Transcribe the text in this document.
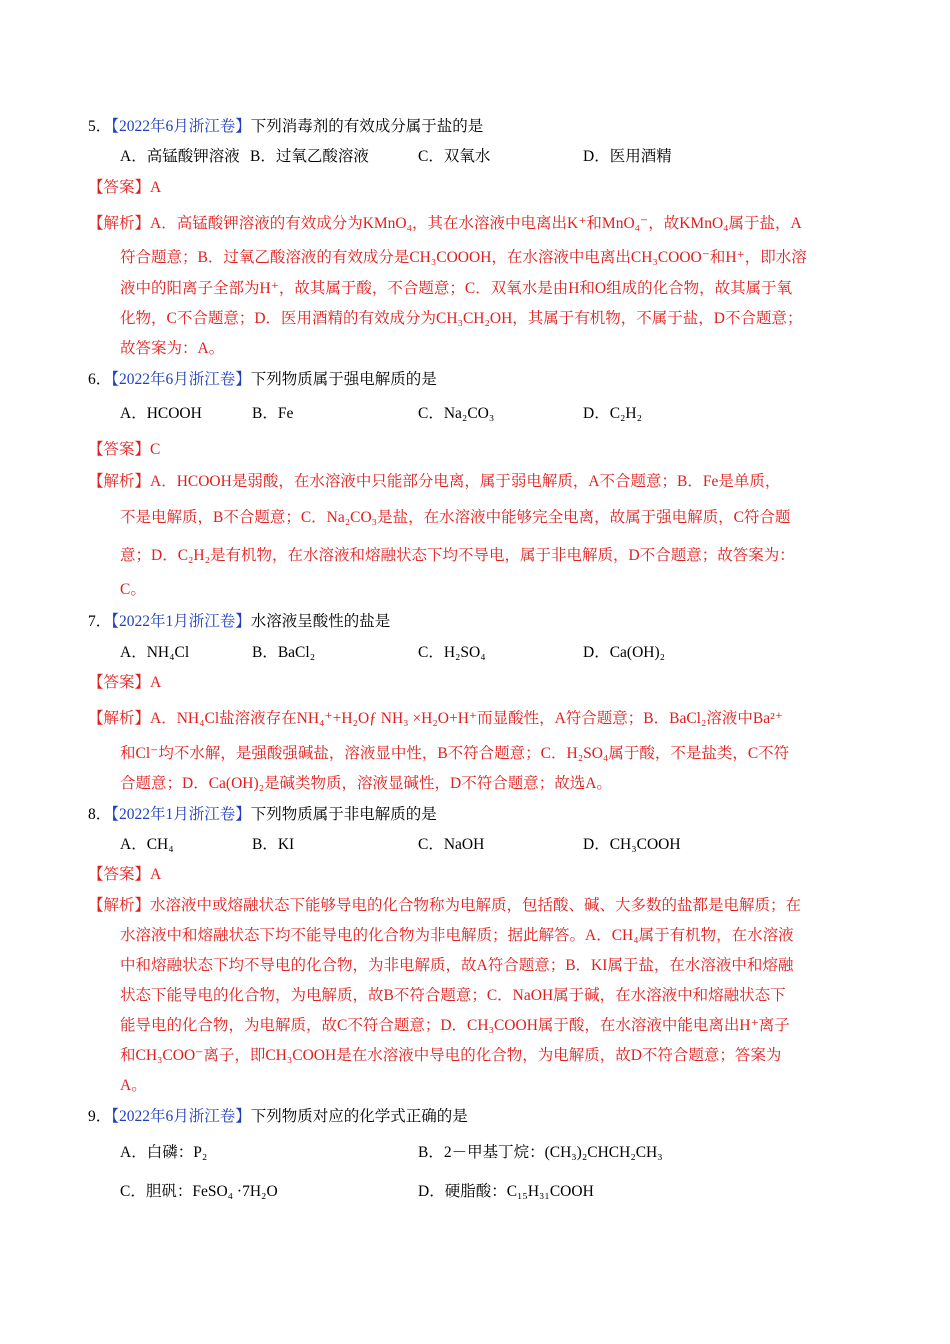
5．【2022年6月浙江卷】下列消毒剂的有效成分属于盐的是
A．高锰酸钾溶液 B．过氧乙酸溶液	C．双氧水	D．医用酒精
【答案】A
【解析】A．高锰酸钾溶液的有效成分为KMnO₄，其在水溶液中电离出K⁺和MnO₄⁻，故KMnO₄属于盐，A
符合题意；B．过氧乙酸溶液的有效成分是CH₃COOOH，在水溶液中电离出CH₃COOO⁻和H⁺，即水溶
液中的阳离子全部为H⁺，故其属于酸，不合题意；C．双氧水是由H和O组成的化合物，故其属于氧
化物，C不合题意；D．医用酒精的有效成分为CH₃CH₂OH，其属于有机物，不属于盐，D不合题意；
故答案为：A。
6．【2022年6月浙江卷】下列物质属于强电解质的是
A．HCOOH	B．Fe	C．Na₂CO₃	D．C₂H₂
【答案】C
【解析】A．HCOOH是弱酸，在水溶液中只能部分电离，属于弱电解质，A不合题意；B．Fe是单质，
不是电解质，B不合题意；C．Na₂CO₃是盐，在水溶液中能够完全电离，故属于强电解质，C符合题
意；D．C₂H₂是有机物，在水溶液和熔融状态下均不导电，属于非电解质，D不合题意；故答案为：
C。
7．【2022年1月浙江卷】水溶液呈酸性的盐是
A．NH₄Cl	B．BaCl₂	C．H₂SO₄	D．Ca(OH)₂
【答案】A
【解析】A．NH₄Cl盐溶液存在NH₄⁺+H₂Oƒ NH₃ ×H₂O+H⁺而显酸性，A符合题意；B．BaCl₂溶液中Ba²⁺
和Cl⁻均不水解，是强酸强碱盐，溶液显中性，B不符合题意；C．H₂SO₄属于酸，不是盐类，C不符
合题意；D．Ca(OH)₂是碱类物质，溶液显碱性，D不符合题意；故选A。
8．【2022年1月浙江卷】下列物质属于非电解质的是
A．CH₄	B．KI	C．NaOH	D．CH₃COOH
【答案】A
【解析】水溶液中或熔融状态下能够导电的化合物称为电解质，包括酸、碱、大多数的盐都是电解质；在
水溶液中和熔融状态下均不能导电的化合物为非电解质；据此解答。A．CH₄属于有机物，在水溶液
中和熔融状态下均不导电的化合物，为非电解质，故A符合题意；B．KI属于盐，在水溶液中和熔融
状态下能导电的化合物，为电解质，故B不符合题意；C．NaOH属于碱，在水溶液中和熔融状态下
能导电的化合物，为电解质，故C不符合题意；D．CH₃COOH属于酸，在水溶液中能电离出H⁺离子
和CH₃COO⁻离子，即CH₃COOH是在水溶液中导电的化合物，为电解质，故D不符合题意；答案为
A。
9．【2022年6月浙江卷】下列物质对应的化学式正确的是
A．白磷：P₂	B．2－甲基丁烷：(CH₃)₂CHCH₂CH₃
C．胆矾：FeSO₄ ·7H₂O	D．硬脂酸：C₁₅H₃₁COOH
